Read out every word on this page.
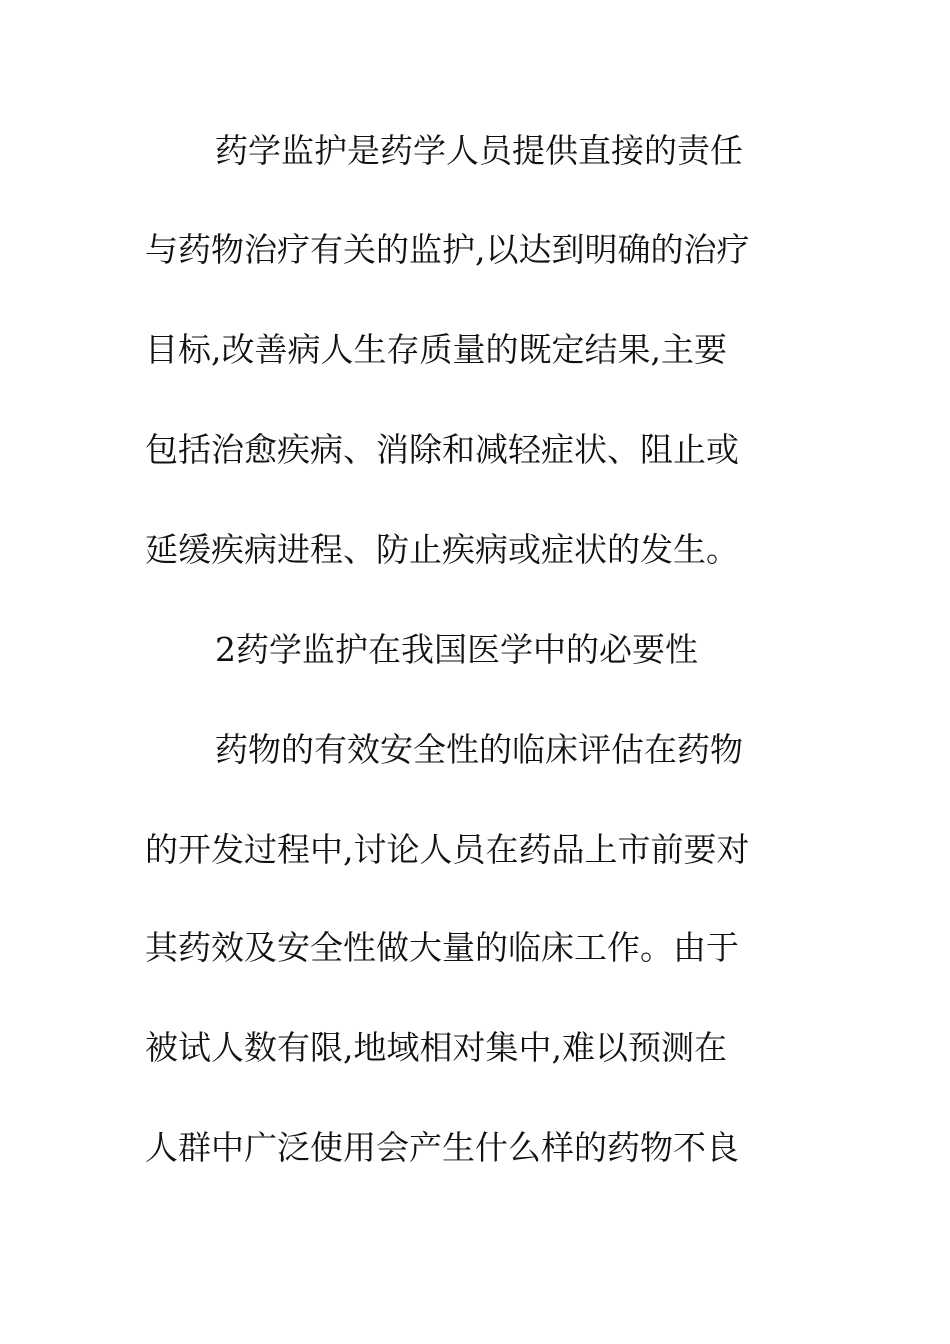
药学监护是药学人员提供直接的责任
与药物治疗有关的监护,以达到明确的治疗
目标,改善病人生存质量的既定结果,主要
包括治愈疾病、消除和减轻症状、阻止或
延缓疾病进程、防止疾病或症状的发生。
2药学监护在我国医学中的必要性
药物的有效安全性的临床评估在药物
的开发过程中,讨论人员在药品上市前要对
其药效及安全性做大量的临床工作。由于
被试人数有限,地域相对集中,难以预测在
人群中广泛使用会产生什么样的药物不良
